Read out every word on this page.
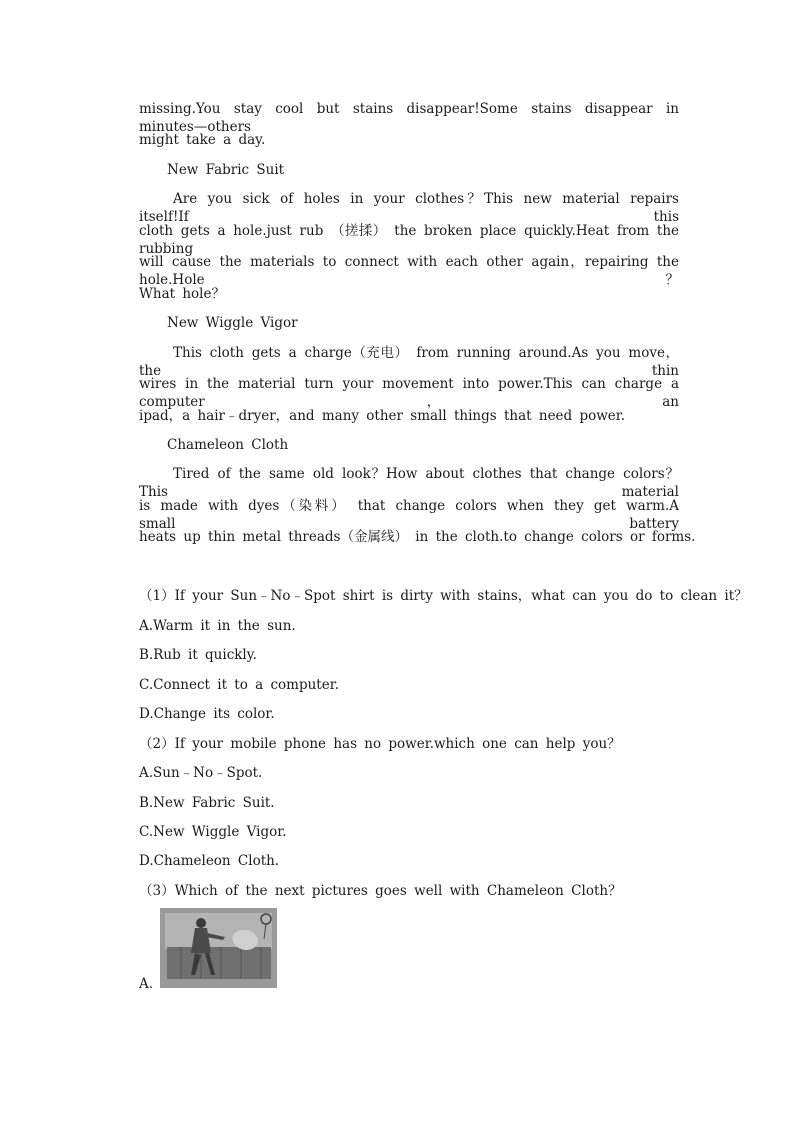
missing.You stay cool but stains disappear!Some stains disappear in minutes—others
might take a day.
New Fabric Suit
Are you sick of holes in your clothes？This new material repairs itself!If this
cloth gets a hole.just rub （搓揉） the broken place quickly.Heat from the rubbing
will cause the materials to connect with each other again，repairing the hole.Hole？
What hole？
New Wiggle Vigor
This cloth gets a charge（充电） from running around.As you move，the thin
wires in the material turn your movement into power.This can charge a computer，an
ipad，a hair﹣dryer，and many other small things that need power.
Chameleon Cloth
Tired of the same old look？How about clothes that change colors？This material
is made with dyes（染料） that change colors when they get warm.A small battery
heats up thin metal threads（金属线） in the cloth.to change colors or forms.
（1）If your Sun﹣No﹣Spot shirt is dirty with stains，what can you do to clean it？
A.Warm it in the sun.
B.Rub it quickly.
C.Connect it to a computer.
D.Change its color.
（2）If your mobile phone has no power.which one can help you？
A.Sun﹣No﹣Spot.
B.New Fabric Suit.
C.New Wiggle Vigor.
D.Chameleon Cloth.
（3）Which of the next pictures goes well with Chameleon Cloth？
A.
